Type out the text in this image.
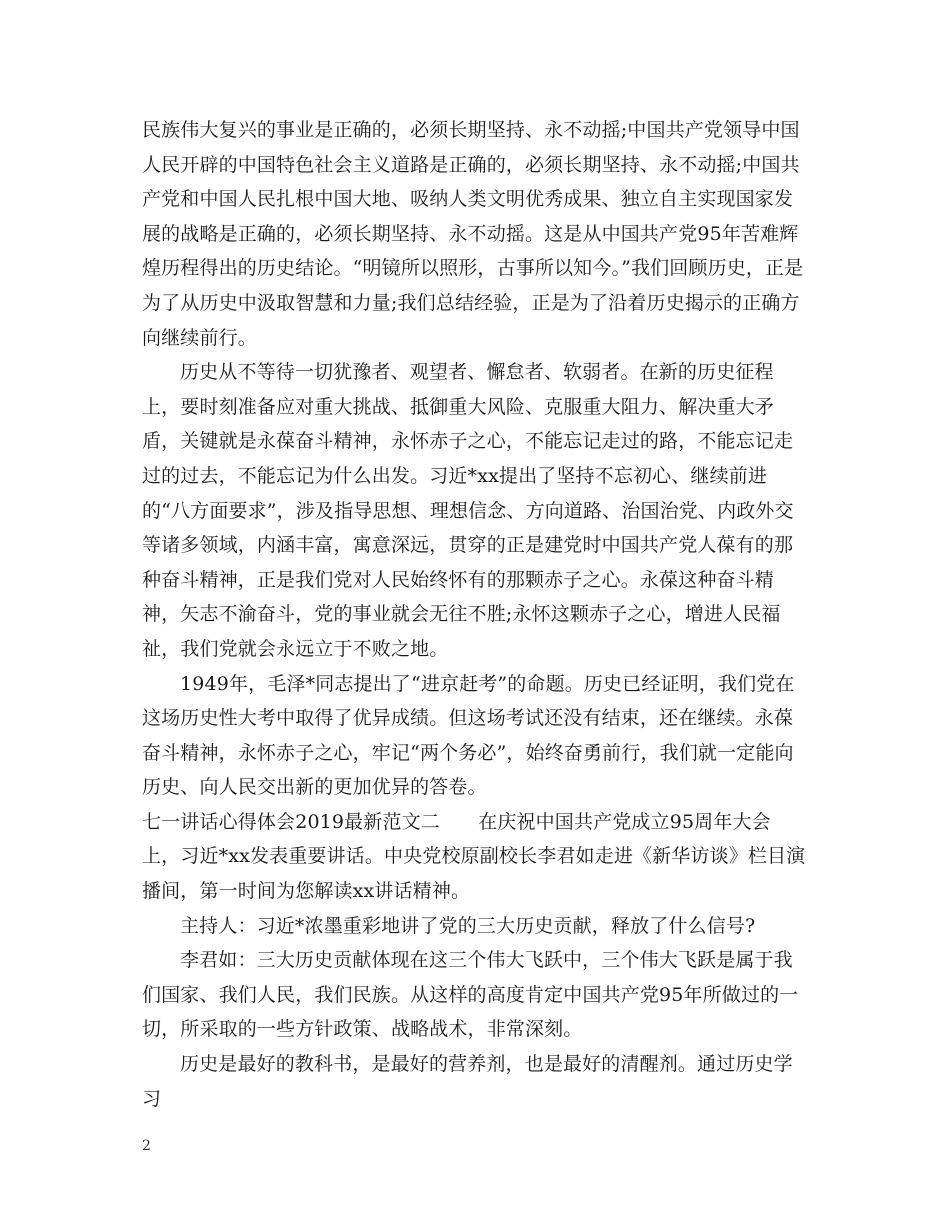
民族伟大复兴的事业是正确的，必须长期坚持、永不动摇;中国共产党领导中国人民开辟的中国特色社会主义道路是正确的，必须长期坚持、永不动摇;中国共产党和中国人民扎根中国大地、吸纳人类文明优秀成果、独立自主实现国家发展的战略是正确的，必须长期坚持、永不动摇。这是从中国共产党95年苦难辉煌历程得出的历史结论。“明镜所以照形，古事所以知今。”我们回顾历史，正是为了从历史中汲取智慧和力量;我们总结经验，正是为了沿着历史揭示的正确方向继续前行。

历史从不等待一切犹豫者、观望者、懈怠者、软弱者。在新的历史征程上，要时刻准备应对重大挑战、抵御重大风险、克服重大阻力、解决重大矛盾，关键就是永葆奋斗精神，永怀赤子之心，不能忘记走过的路，不能忘记走过的过去，不能忘记为什么出发。习近*xx提出了坚持不忘初心、继续前进的“八方面要求”，涉及指导思想、理想信念、方向道路、治国治党、内政外交等诸多领域，内涵丰富，寓意深远，贯穿的正是建党时中国共产党人葆有的那种奋斗精神，正是我们党对人民始终怀有的那颗赤子之心。永葆这种奋斗精神，矢志不渝奋斗，党的事业就会无往不胜;永怀这颗赤子之心，增进人民福祉，我们党就会永远立于不败之地。

1949年，毛泽*同志提出了“进京赶考”的命题。历史已经证明，我们党在这场历史性大考中取得了优异成绩。但这场考试还没有结束，还在继续。永葆奋斗精神，永怀赤子之心，牢记“两个务必”，始终奋勇前行，我们就一定能向历史、向人民交出新的更加优异的答卷。

七一讲话心得体会2019最新范文二　　在庆祝中国共产党成立95周年大会上，习近*xx发表重要讲话。中央党校原副校长李君如走进《新华访谈》栏目演播间，第一时间为您解读xx讲话精神。

主持人：习近*浓墨重彩地讲了党的三大历史贡献，释放了什么信号?

李君如：三大历史贡献体现在这三个伟大飞跃中，三个伟大飞跃是属于我们国家、我们人民，我们民族。从这样的高度肯定中国共产党95年所做过的一切，所采取的一些方针政策、战略战术，非常深刻。

历史是最好的教科书，是最好的营养剂，也是最好的清醒剂。通过历史学习

2
